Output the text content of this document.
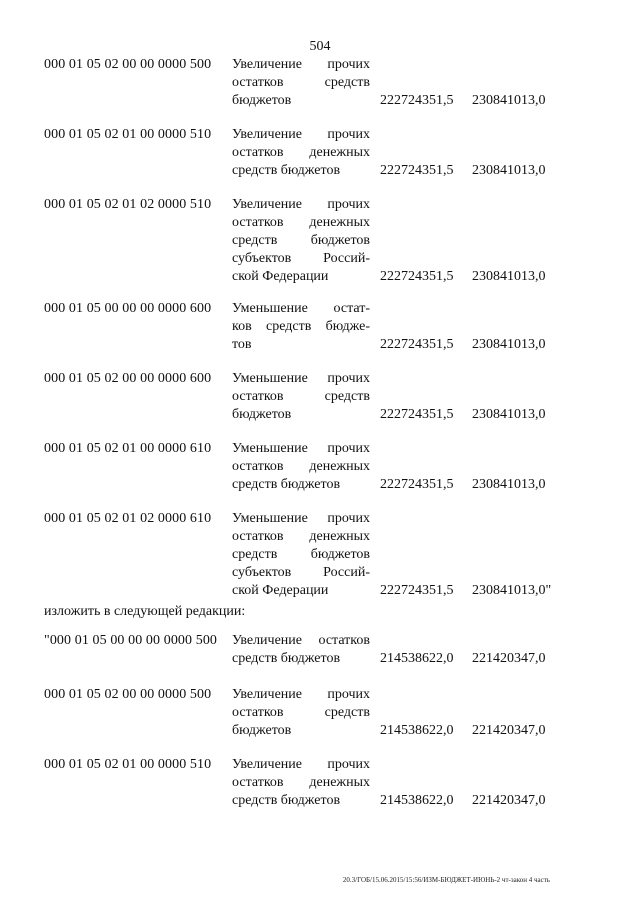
504
000 01 05 02 00 00 0000 500 Увеличение прочих
остатков средств
бюджетов	222724351,5 230841013,0
000 01 05 02 01 00 0000 510 Увеличение прочих
остатков денежных
средств бюджетов	222724351,5 230841013,0
000 01 05 02 01 02 0000 510 Увеличение прочих
остатков денежных
средств бюджетов
субъектов Россий-
ской Федерации	222724351,5 230841013,0
000 01 05 00 00 00 0000 600 Уменьшение остат-
ков средств бюдже-
тов	222724351,5 230841013,0
000 01 05 02 00 00 0000 600 Уменьшение прочих
остатков средств
бюджетов	222724351,5 230841013,0
000 01 05 02 01 00 0000 610 Уменьшение прочих
остатков денежных
средств бюджетов	222724351,5 230841013,0
000 01 05 02 01 02 0000 610 Уменьшение прочих
остатков денежных
средств бюджетов
субъектов Россий-
ской Федерации	222724351,5 230841013,0"
изложить в следующей редакции:
"000 01 05 00 00 00 0000 500 Увеличение остатков
средств бюджетов	214538622,0 221420347,0
000 01 05 02 00 00 0000 500 Увеличение прочих
остатков средств
бюджетов	214538622,0 221420347,0
000 01 05 02 01 00 0000 510 Увеличение прочих
остатков денежных
средств бюджетов	214538622,0 221420347,0
20.3/ГОБ/15.06.2015/15:56/ИЗМ-БЮДЖЕТ-ИЮНЬ-2 чт-закон 4 часть
